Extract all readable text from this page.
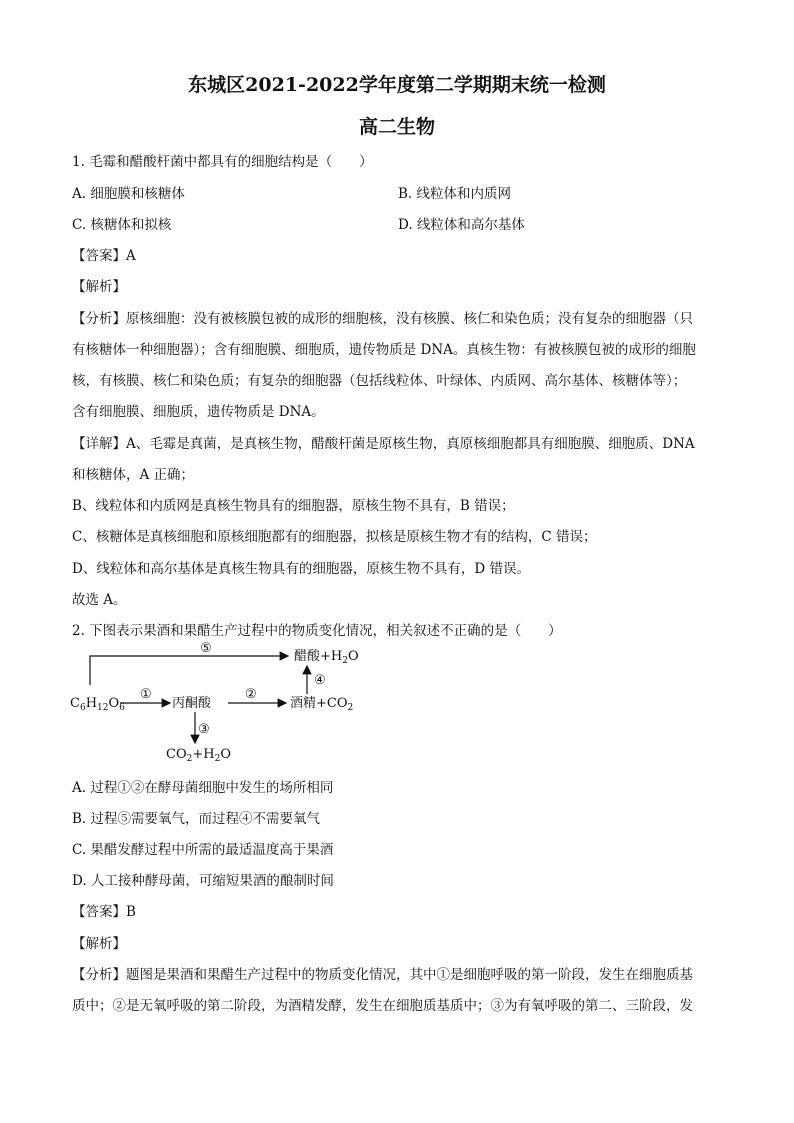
东城区2021-2022学年度第二学期期末统一检测
高二生物
1. 毛霉和醋酸杆菌中都具有的细胞结构是（　　）
A. 细胞膜和核糖体	B. 线粒体和内质网
C. 核糖体和拟核	D. 线粒体和高尔基体
【答案】A
【解析】
【分析】原核细胞：没有被核膜包被的成形的细胞核，没有核膜、核仁和染色质；没有复杂的细胞器（只
有核糖体一种细胞器）；含有细胞膜、细胞质，遗传物质是 DNA。真核生物：有被核膜包被的成形的细胞
核，有核膜、核仁和染色质；有复杂的细胞器（包括线粒体、叶绿体、内质网、高尔基体、核糖体等）；
含有细胞膜、细胞质，遗传物质是 DNA。
【详解】A、毛霉是真菌，是真核生物，醋酸杆菌是原核生物，真原核细胞都具有细胞膜、细胞质、DNA
和核糖体，A 正确；
B、线粒体和内质网是真核生物具有的细胞器，原核生物不具有，B 错误；
C、核糖体是真核细胞和原核细胞都有的细胞器，拟核是原核生物才有的结构，C 错误；
D、线粒体和高尔基体是真核生物具有的细胞器，原核生物不具有，D 错误。
故选 A。
2. 下图表示果酒和果醋生产过程中的物质变化情况，相关叙述不正确的是（　　）
⑤
①	②
③
④
$C_6H_{12}O_6$	丙酮酸	酒精$+CO_2$
醋酸$+H_2O$
$CO_2+H_2O$
A. 过程①②在酵母菌细胞中发生的场所相同
B. 过程⑤需要氧气，而过程④不需要氧气
C. 果醋发酵过程中所需的最适温度高于果酒
D. 人工接种酵母菌，可缩短果酒的酿制时间
【答案】B
【解析】
【分析】题图是果酒和果醋生产过程中的物质变化情况，其中①是细胞呼吸的第一阶段，发生在细胞质基
质中；②是无氧呼吸的第二阶段，为酒精发酵，发生在细胞质基质中；③为有氧呼吸的第二、三阶段，发
